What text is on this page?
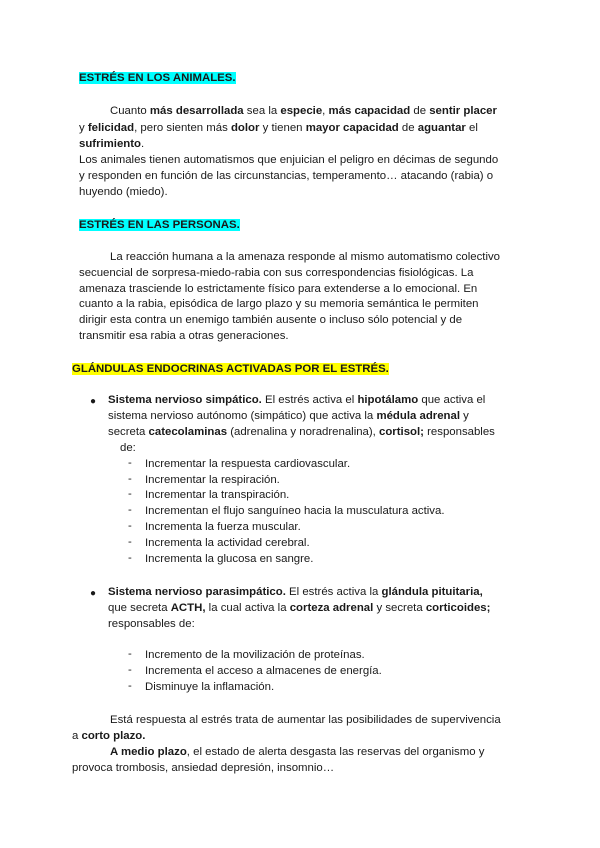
ESTRÉS EN LOS ANIMALES.
Cuanto más desarrollada sea la especie, más capacidad de sentir placer
y felicidad, pero sienten más dolor y tienen mayor capacidad de aguantar el
sufrimiento.
Los animales tienen automatismos que enjuician el peligro en décimas de segundo
y responden en función de las circunstancias, temperamento… atacando (rabia) o
huyendo (miedo).
ESTRÉS EN LAS PERSONAS.
La reacción humana a la amenaza responde al mismo automatismo colectivo
secuencial de sorpresa-miedo-rabia con sus correspondencias fisiológicas. La
amenaza trasciende lo estrictamente físico para extenderse a lo emocional. En
cuanto a la rabia, episódica de largo plazo y su memoria semántica le permiten
dirigir esta contra un enemigo también ausente o incluso sólo potencial y de
transmitir esa rabia a otras generaciones.
GLÁNDULAS ENDOCRINAS ACTIVADAS POR EL ESTRÉS.
● Sistema nervioso simpático. El estrés activa el hipotálamo que activa el
sistema nervioso autónomo (simpático) que activa la médula adrenal y
secreta catecolaminas (adrenalina y noradrenalina), cortisol; responsables
de:
- Incrementar la respuesta cardiovascular.
- Incrementar la respiración.
- Incrementar la transpiración.
- Incrementan el flujo sanguíneo hacia la musculatura activa.
- Incrementa la fuerza muscular.
- Incrementa la actividad cerebral.
- Incrementa la glucosa en sangre.
● Sistema nervioso parasimpático. El estrés activa la glándula pituitaria,
que secreta ACTH, la cual activa la corteza adrenal y secreta corticoides;
responsables de:
- Incremento de la movilización de proteínas.
- Incrementa el acceso a almacenes de energía.
- Disminuye la inflamación.
Está respuesta al estrés trata de aumentar las posibilidades de supervivencia
a corto plazo.
A medio plazo, el estado de alerta desgasta las reservas del organismo y
provoca trombosis, ansiedad depresión, insomnio…
